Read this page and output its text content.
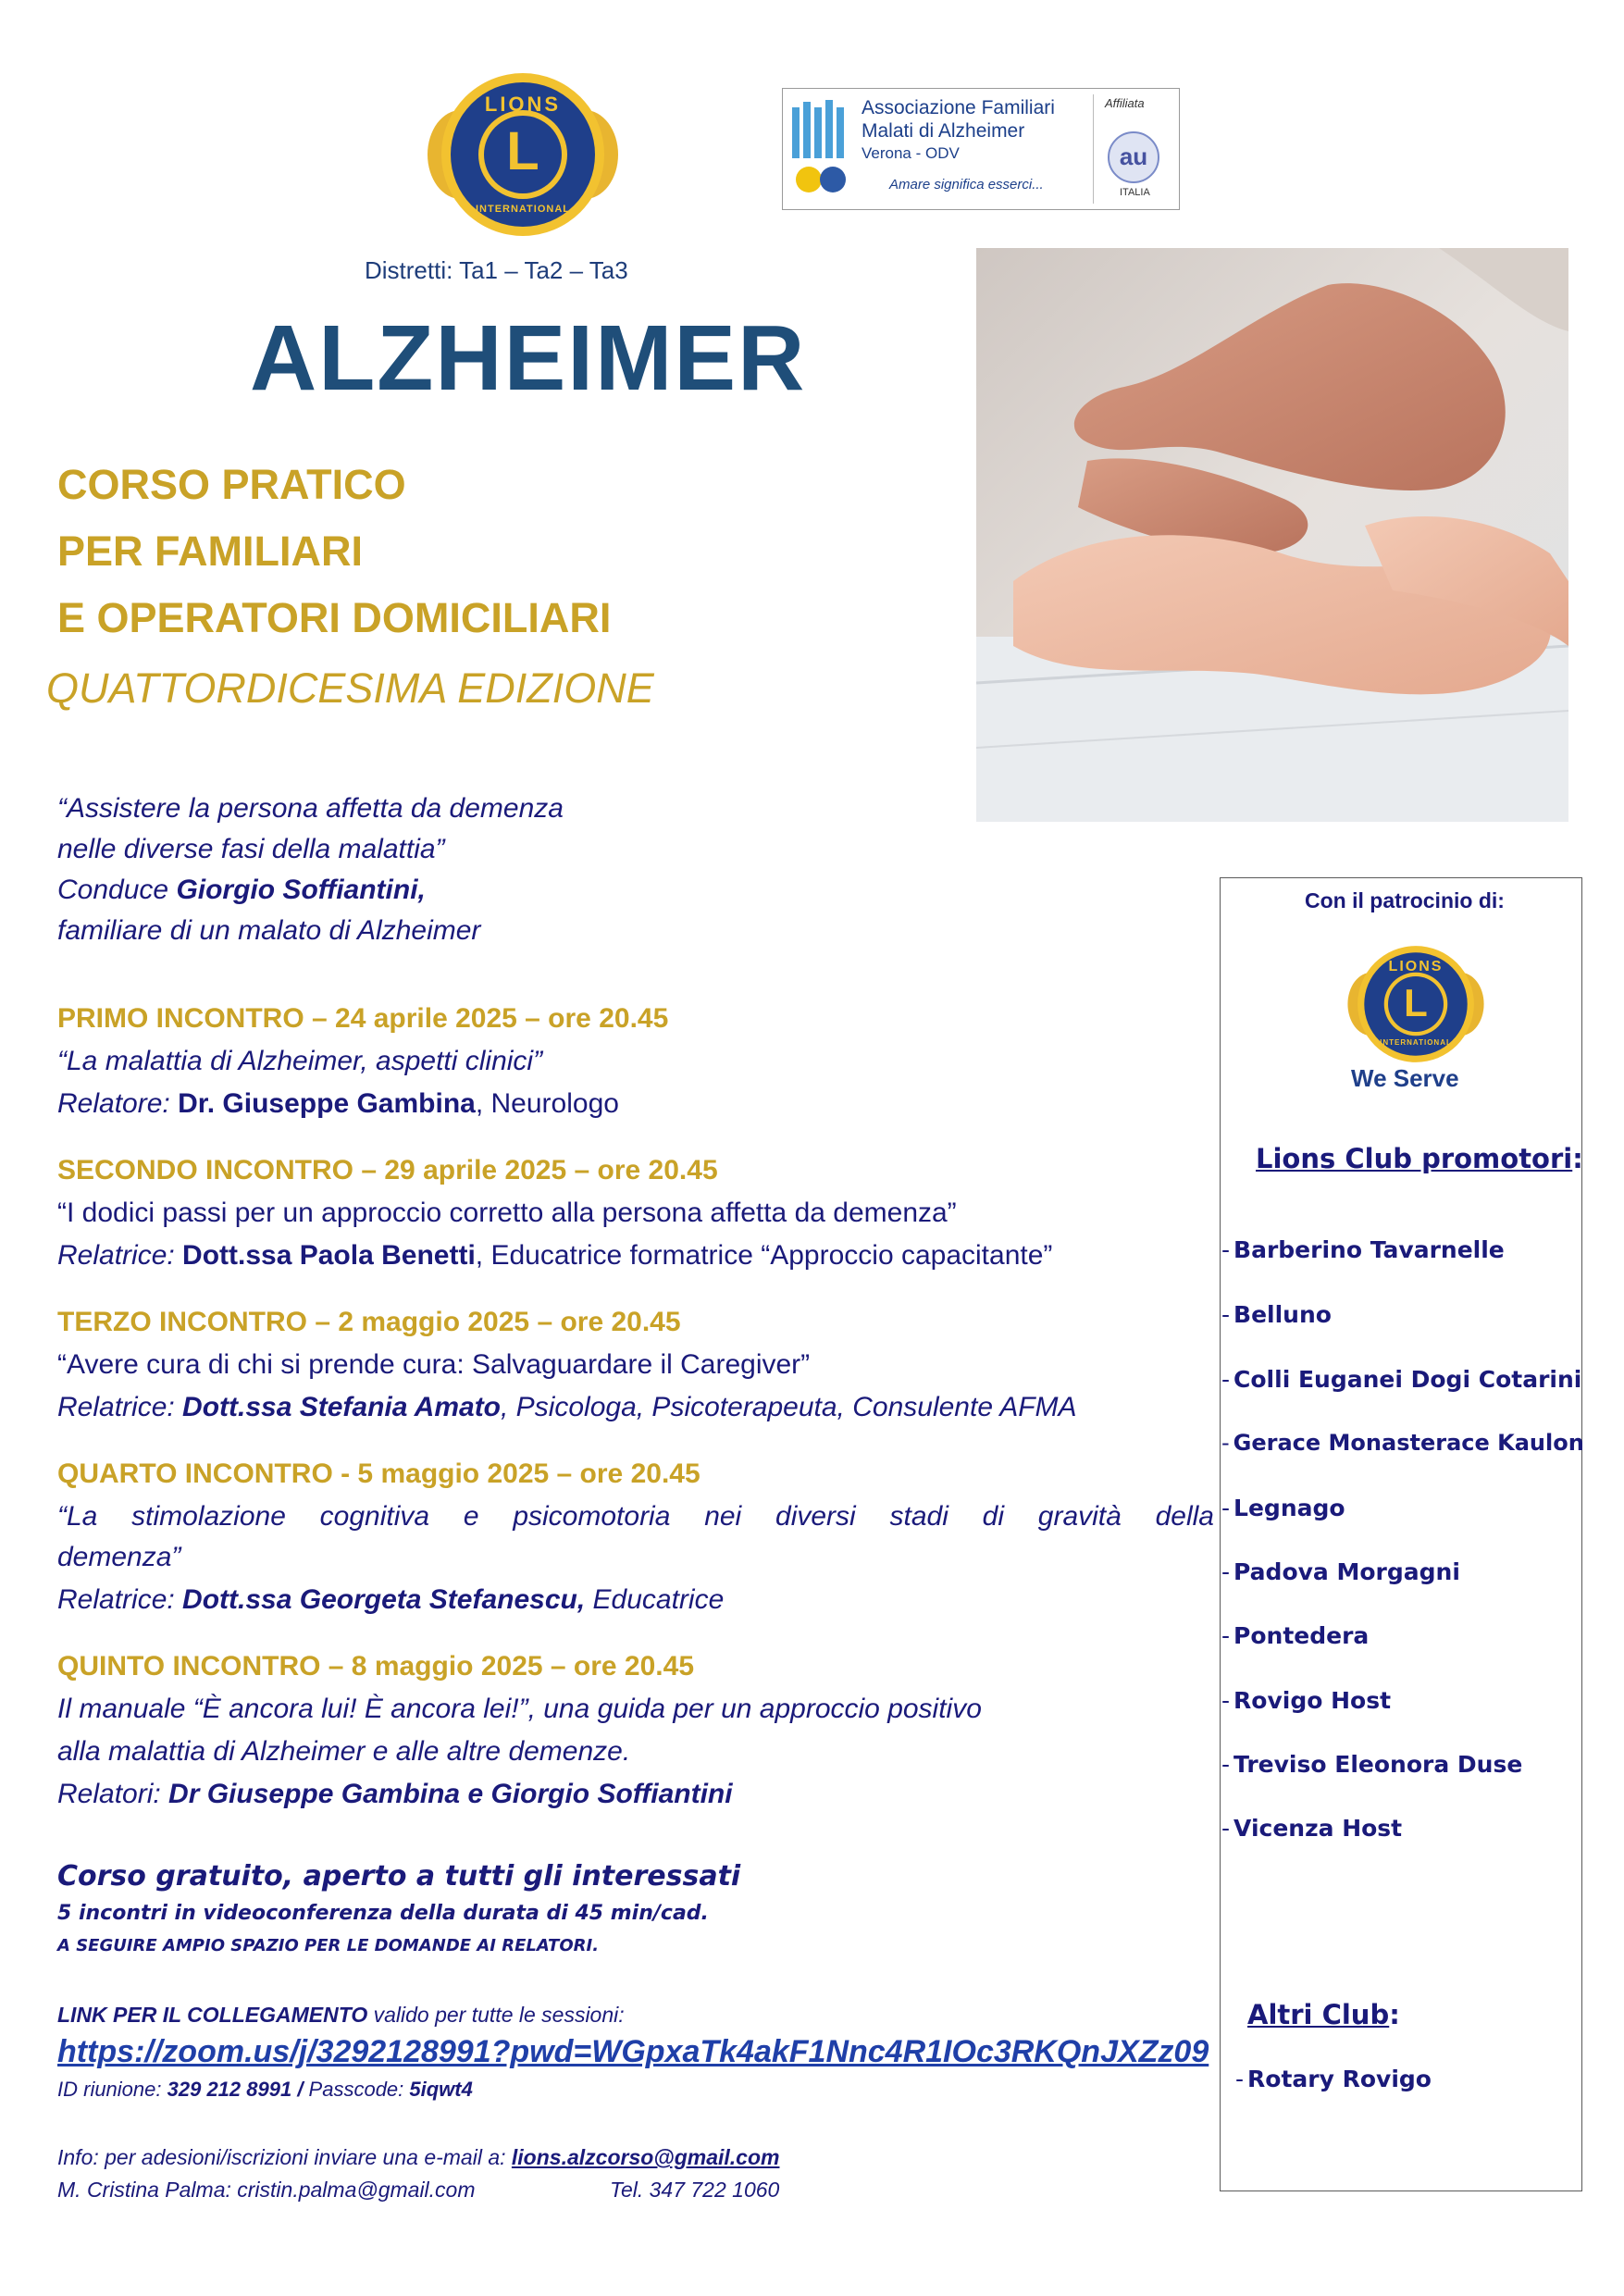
LIONS
L
INTERNATIONAL
Associazione Familiari
Malati di Alzheimer
Verona - ODV
Amare significa esserci...
Affiliata
au
ITALIA
Distretti: Ta1 – Ta2 – Ta3
ALZHEIMER
CORSO PRATICO
PER FAMILIARI
E OPERATORI DOMICILIARI
QUATTORDICESIMA EDIZIONE
“Assistere la persona affetta da demenza
nelle diverse fasi della malattia”
Conduce Giorgio Soffiantini,
familiare di un malato di Alzheimer
PRIMO INCONTRO – 24 aprile 2025 – ore 20.45
“La malattia di Alzheimer, aspetti clinici”
Relatore: Dr. Giuseppe Gambina, Neurologo
SECONDO INCONTRO – 29 aprile 2025 – ore 20.45
“I dodici passi per un approccio corretto alla persona affetta da demenza”
Relatrice: Dott.ssa Paola Benetti, Educatrice formatrice “Approccio capacitante”
TERZO INCONTRO – 2 maggio 2025 – ore 20.45
“Avere cura di chi si prende cura: Salvaguardare il Caregiver”
Relatrice: Dott.ssa Stefania Amato, Psicologa, Psicoterapeuta, Consulente AFMA
QUARTO INCONTRO - 5 maggio 2025 – ore 20.45
“La stimolazione cognitiva e psicomotoria nei diversi stadi di gravità della
demenza”
Relatrice: Dott.ssa Georgeta Stefanescu, Educatrice
QUINTO INCONTRO – 8 maggio 2025 – ore 20.45
Il manuale “È ancora lui! È ancora lei!”, una guida per un approccio positivo
alla malattia di Alzheimer e alle altre demenze.
Relatori: Dr Giuseppe Gambina e Giorgio Soffiantini
Corso gratuito, aperto a tutti gli interessati
5 incontri in videoconferenza della durata di 45 min/cad.
A SEGUIRE AMPIO SPAZIO PER LE DOMANDE AI RELATORI.
LINK PER IL COLLEGAMENTO valido per tutte le sessioni:
https://zoom.us/j/3292128991?pwd=WGpxaTk4akF1Nnc4R1IOc3RKQnJXZz09
ID riunione: 329 212 8991 / Passcode: 5iqwt4
Info: per adesioni/iscrizioni inviare una e-mail a: lions.alzcorso@gmail.com
M. Cristina Palma: cristin.palma@gmail.com	Tel. 347 722 1060
Con il patrocinio di:
LIONS
L
INTERNATIONAL
We Serve
Lions Club promotori:
- Barberino Tavarnelle
- Belluno
- Colli Euganei Dogi Cotarini
- Gerace Monasterace Kaulon
- Legnago
- Padova Morgagni
- Pontedera
- Rovigo Host
- Treviso Eleonora Duse
- Vicenza Host
Altri Club:
- Rotary Rovigo
